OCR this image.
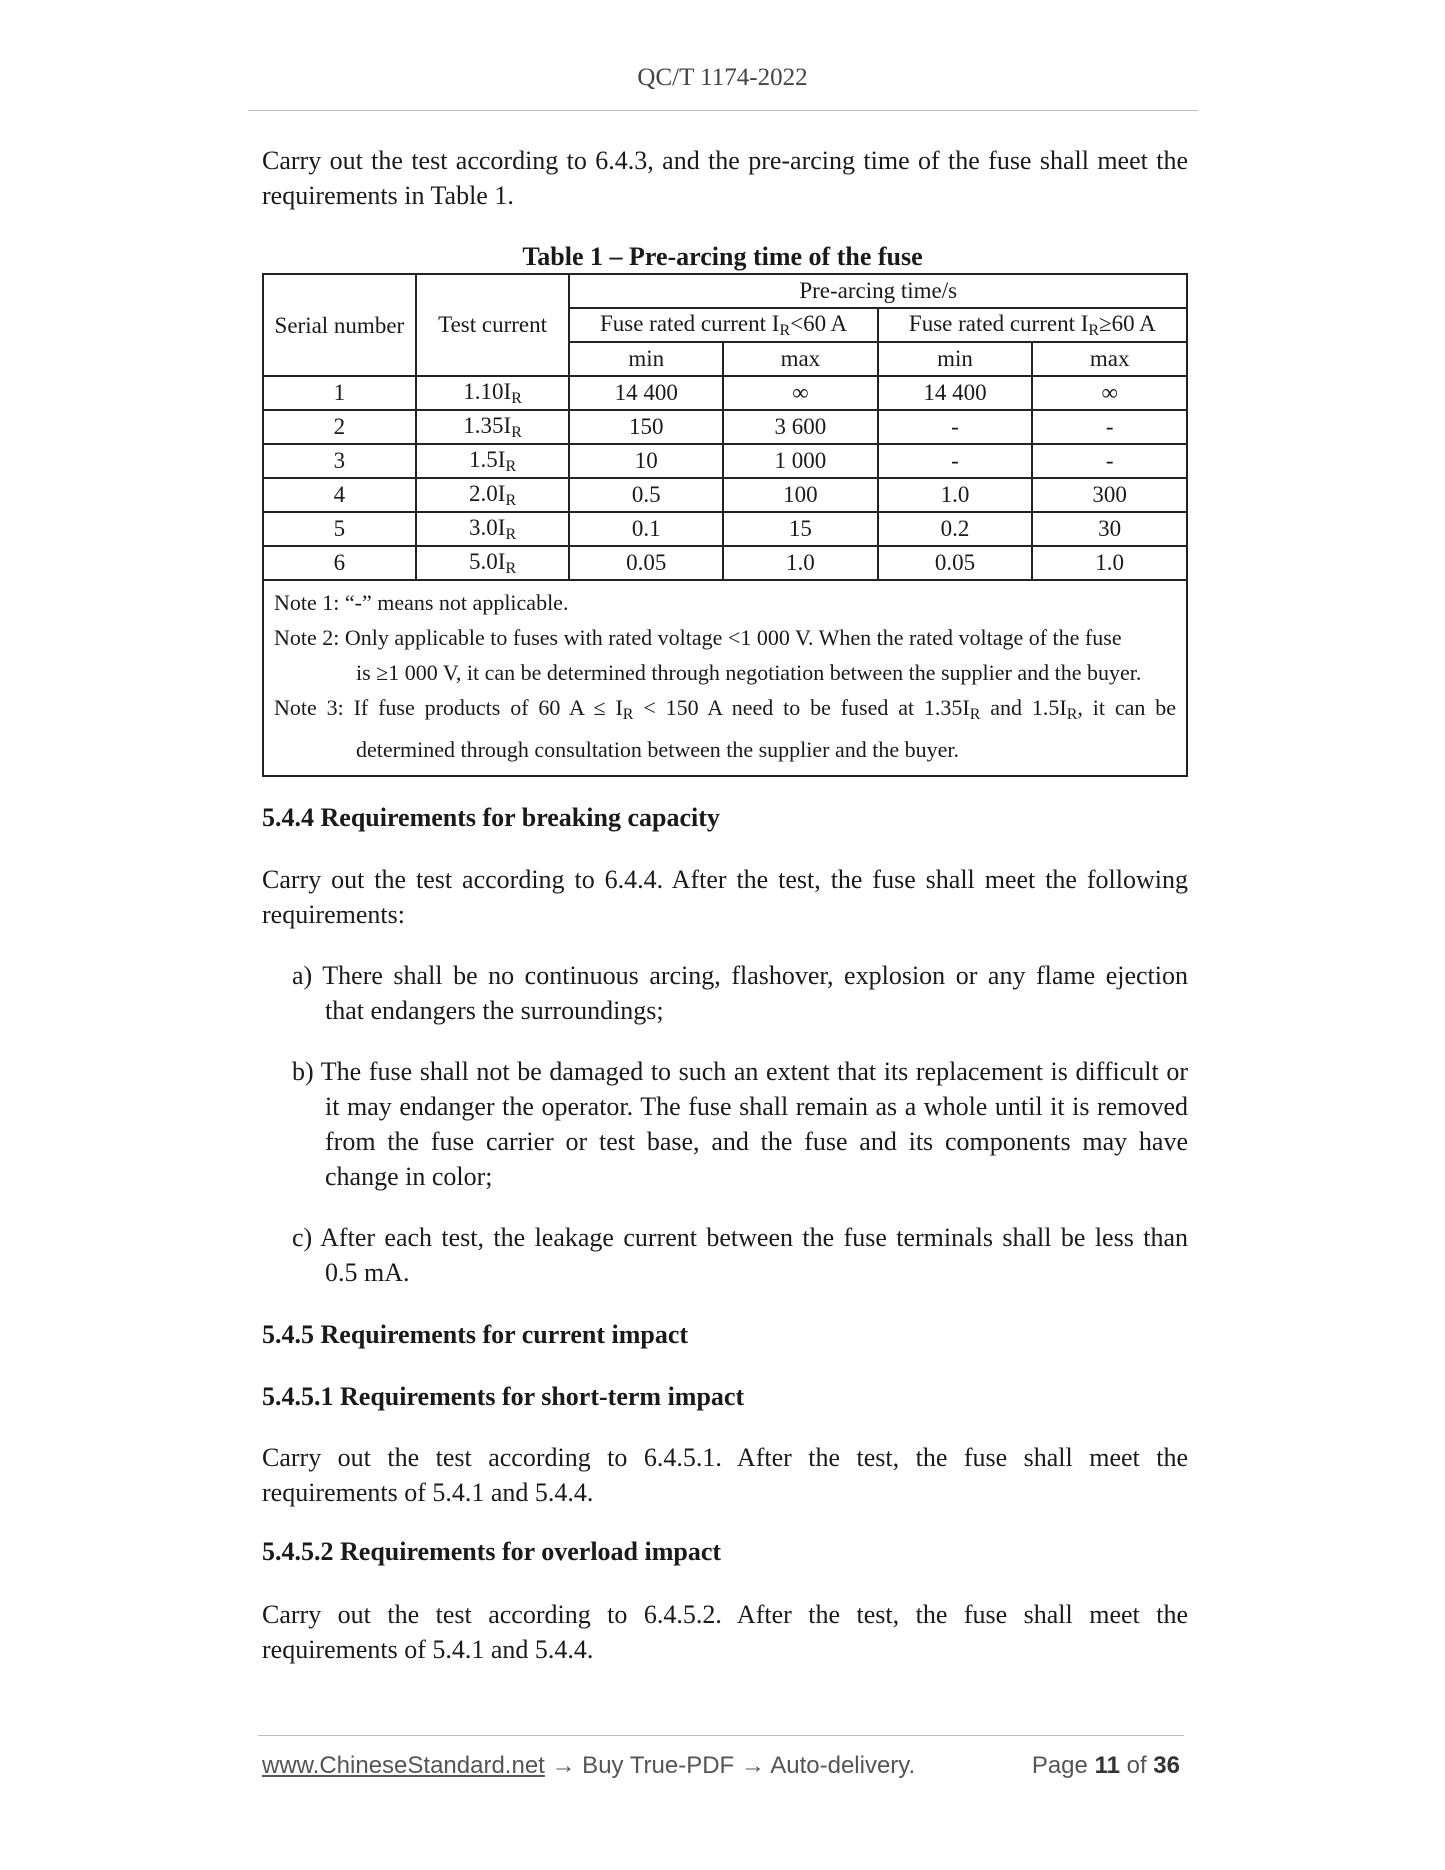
QC/T 1174-2022
Carry out the test according to 6.4.3, and the pre-arcing time of the fuse shall meet the requirements in Table 1.
Table 1 – Pre-arcing time of the fuse
Serial number	Test current	Pre-arcing time/s			
		Fuse rated current $I_R<60$ A		Fuse rated current $I_R\ge 60$ A	
		min	max	min	max
1	$1.10I_R$	14 400	∞	14 400	∞
2	$1.35I_R$	150	3 600	-	-
3	$1.5I_R$	10	1 000	-	-
4	$2.0I_R$	0.5	100	1.0	300
5	$3.0I_R$	0.1	15	0.2	30
6	$5.0I_R$	0.05	1.0	0.05	1.0

Note 1: “-” means not applicable.
Note 2: Only applicable to fuses with rated voltage <1 000 V. When the rated voltage of the fuse
is ≥1 000 V, it can be determined through negotiation between the supplier and the buyer.
Note 3: If fuse products of 60 $A \le I_R < 150$ A need to be fused at $1.35I_R$ and $1.5I_R$, it can be
determined through consultation between the supplier and the buyer.					
5.4.4 Requirements for breaking capacity
Carry out the test according to 6.4.4. After the test, the fuse shall meet the following requirements:
a) There shall be no continuous arcing, flashover, explosion or any flame ejection
that endangers the surroundings;
b) The fuse shall not be damaged to such an extent that its replacement is difficult or
it may endanger the operator. The fuse shall remain as a whole until it is removed from the fuse carrier or test base, and the fuse and its components may have change in color;
c) After each test, the leakage current between the fuse terminals shall be less than
0.5 mA.
5.4.5 Requirements for current impact
5.4.5.1 Requirements for short-term impact
Carry out the test according to 6.4.5.1. After the test, the fuse shall meet the requirements of 5.4.1 and 5.4.4.
5.4.5.2 Requirements for overload impact
Carry out the test according to 6.4.5.2. After the test, the fuse shall meet the requirements of 5.4.1 and 5.4.4.
www.ChineseStandard.net → Buy True-PDF → Auto-delivery.	Page 11 of 36
